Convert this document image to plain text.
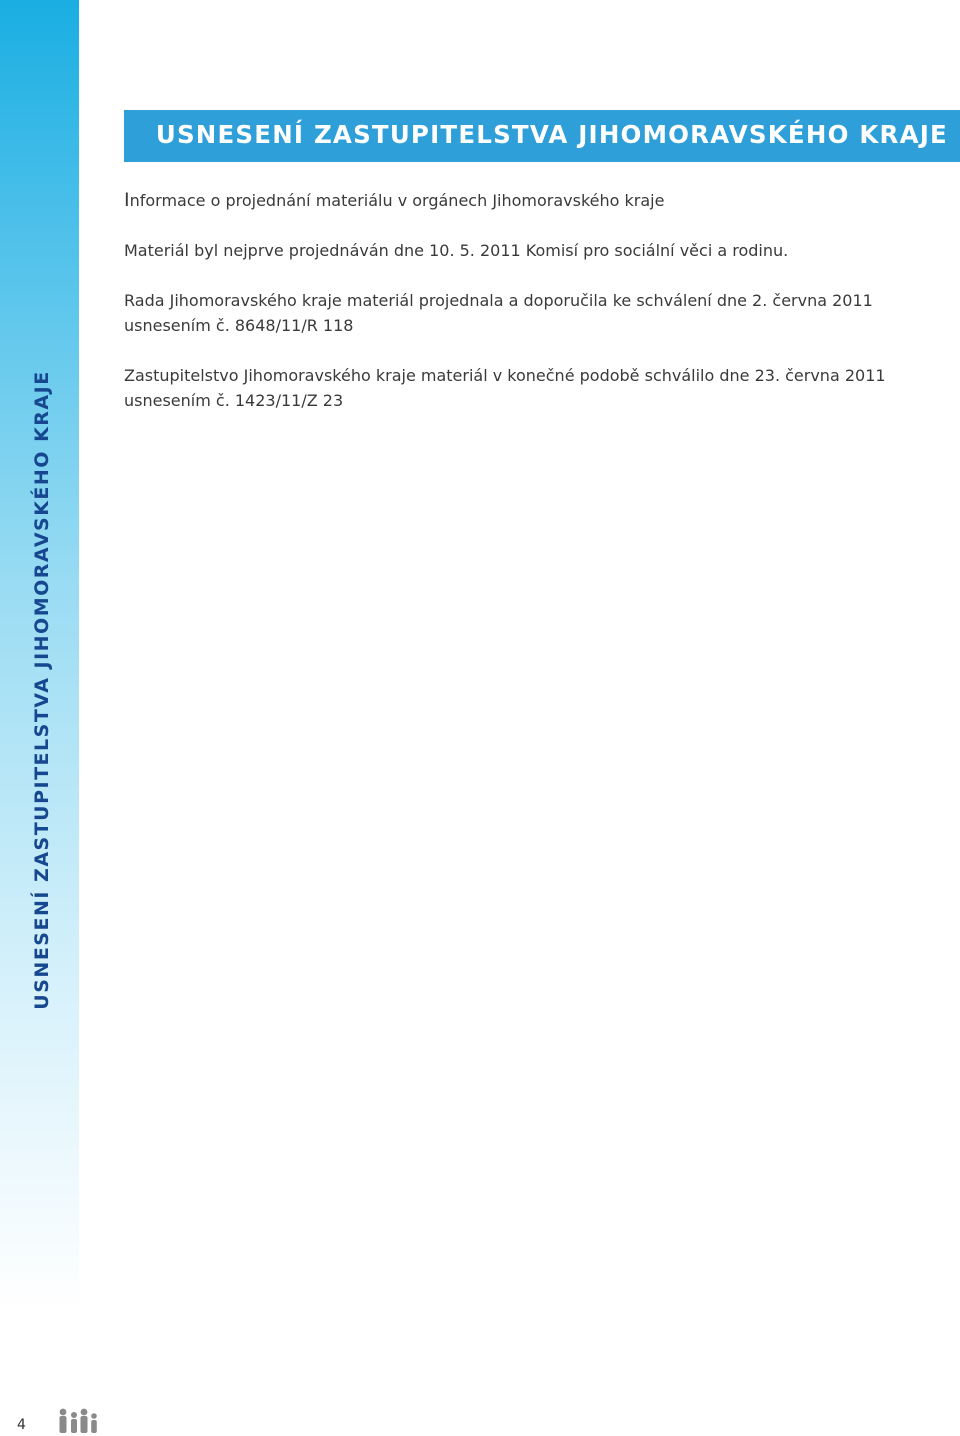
USNESENÍ ZASTUPITELSTVA JIHOMORAVSKÉHO KRAJE
USNESENÍ ZASTUPITELSTVA JIHOMORAVSKÉHO KRAJE

Informace o projednání materiálu v orgánech Jihomoravského kraje

Materiál byl nejprve projednáván dne 10. 5. 2011 Komisí pro sociální věci a rodinu.

Rada Jihomoravského kraje materiál projednala a doporučila ke schválení dne 2. června 2011 usnesením č. 8648/11/R 118

Zastupitelstvo Jihomoravského kraje materiál v konečné podobě schválilo dne 23. června 2011 usnesením č. 1423/11/Z 23

4
